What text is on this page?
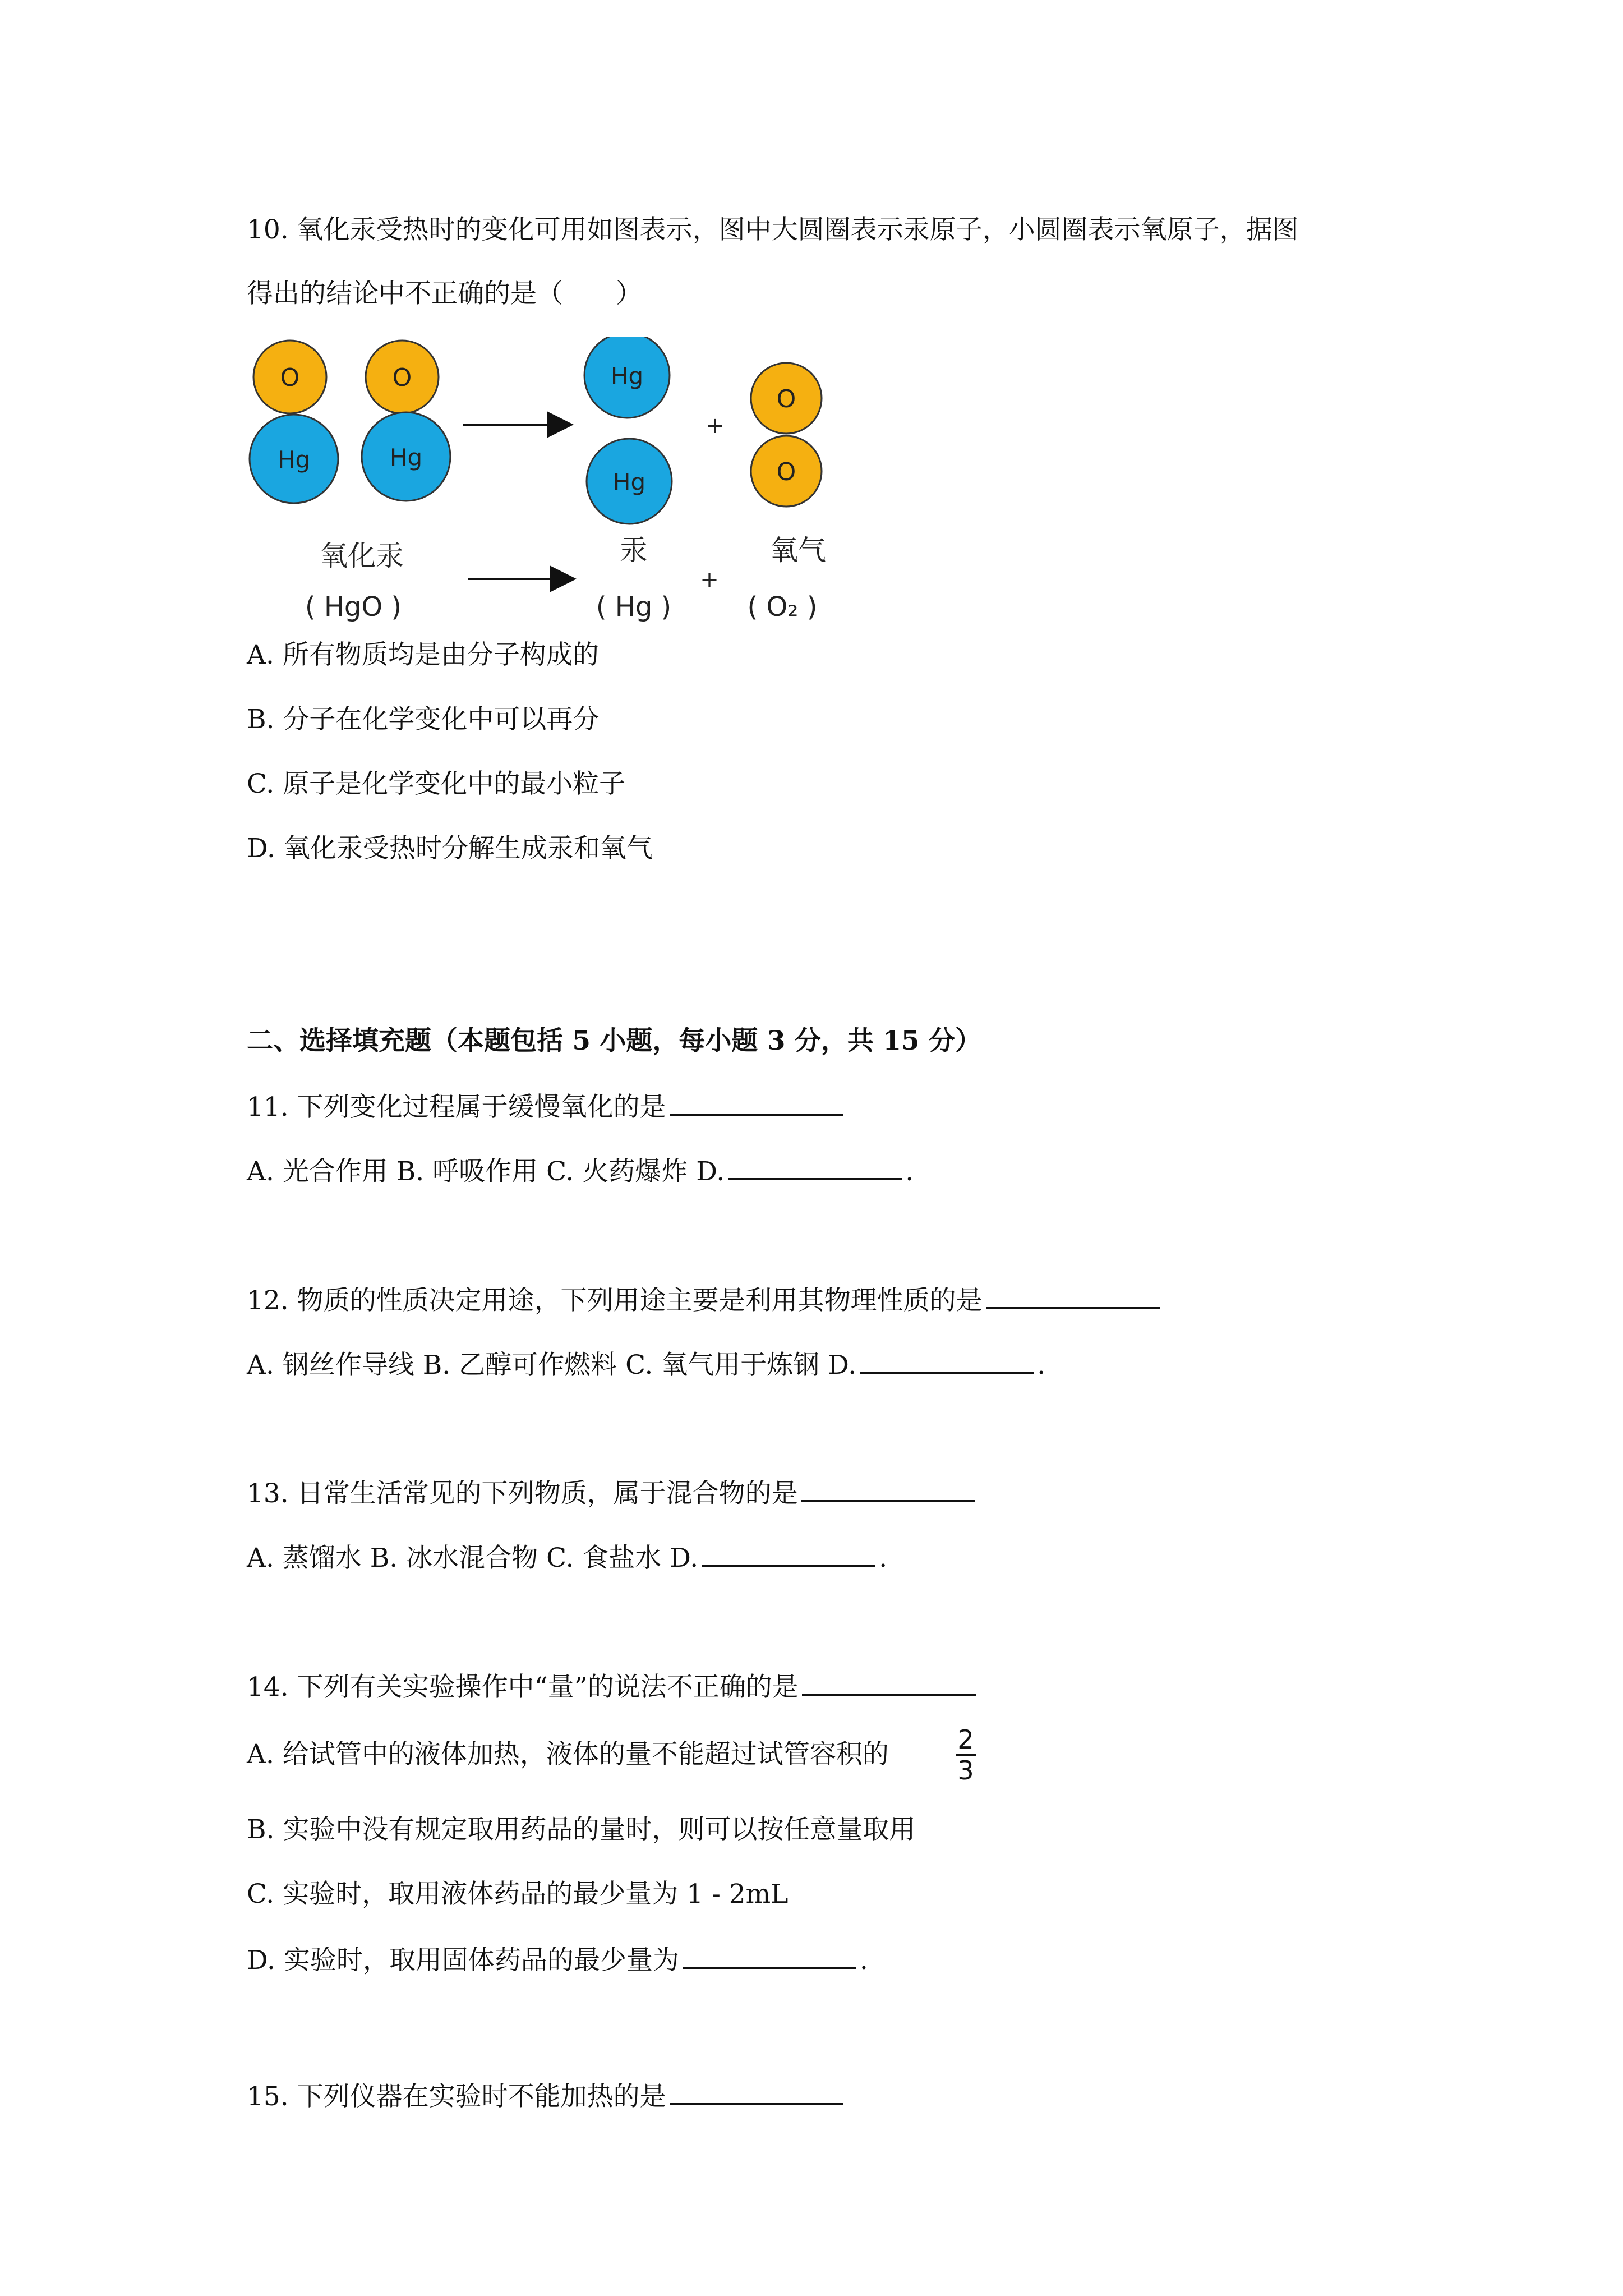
10. 氧化汞受热时的变化可用如图表示，图中大圆圈表示汞原子，小圆圈表示氧原子，据图
得出的结论中不正确的是（　　）
O
Hg
O
Hg
Hg
Hg
+
O
O
氧化汞	汞	氧气
+
( HgO )	( Hg )	( O₂ )
A. 所有物质均是由分子构成的
B. 分子在化学变化中可以再分
C. 原子是化学变化中的最小粒子
D. 氧化汞受热时分解生成汞和氧气
二、选择填充题（本题包括 5 小题，每小题 3 分，共 15 分）
11. 下列变化过程属于缓慢氧化的是
A. 光合作用 B. 呼吸作用 C. 火药爆炸 D.	.
12. 物质的性质决定用途，下列用途主要是利用其物理性质的是
A. 钢丝作导线 B. 乙醇可作燃料 C. 氧气用于炼钢 D.	.
13. 日常生活常见的下列物质，属于混合物的是
A. 蒸馏水 B. 冰水混合物 C. 食盐水 D.	.
14. 下列有关实验操作中“量”的说法不正确的是
A. 给试管中的液体加热，液体的量不能超过试管容积的	2
3
B. 实验中没有规定取用药品的量时，则可以按任意量取用
C. 实验时，取用液体药品的最少量为 1 - 2mL
D. 实验时，取用固体药品的最少量为	.
15. 下列仪器在实验时不能加热的是
